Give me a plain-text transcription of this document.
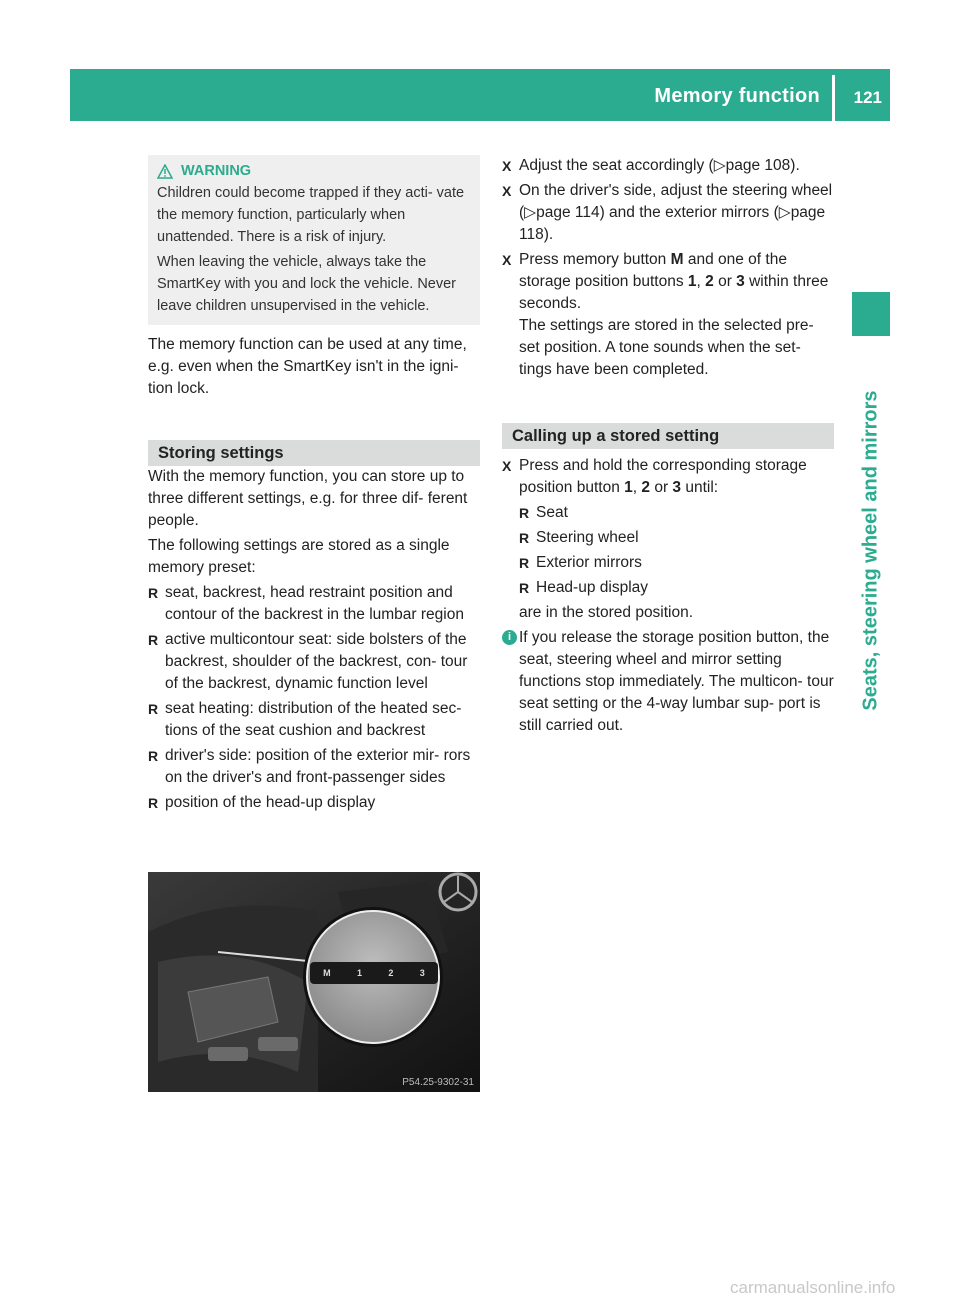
Memory function 121
Seats, steering wheel and mirrors
WARNING

Children could become trapped if they acti- vate the memory function, particularly when unattended. There is a risk of injury.

When leaving the vehicle, always take the SmartKey with you and lock the vehicle. Never leave children unsupervised in the vehicle.

The memory function can be used at any time, e.g. even when the SmartKey isn't in the igni- tion lock.

Storing settings

With the memory function, you can store up to three different settings, e.g. for three dif- ferent people.

The following settings are stored as a single memory preset:

R seat, backrest, head restraint position and contour of the backrest in the lumbar region
R active multicontour seat: side bolsters of the backrest, shoulder of the backrest, con- tour of the backrest, dynamic function level
R seat heating: distribution of the heated sec- tions of the seat cushion and backrest
R driver's side: position of the exterior mir- rors on the driver's and front-passenger sides
R position of the head-up display
M	1	2	3
P54.25-9302-31
X Adjust the seat accordingly (▷page 108).
X On the driver's side, adjust the steering wheel (▷page 114) and the exterior mirrors (▷page 118).
X Press memory button M and one of the storage position buttons 1, 2 or 3 within three seconds.
The settings are stored in the selected pre- set position. A tone sounds when the set- tings have been completed.
Calling up a stored setting
X Press and hold the corresponding storage position button 1, 2 or 3 until:
R Seat
R Steering wheel
R Exterior mirrors
R Head-up display
are in the stored position.
i If you release the storage position button, the seat, steering wheel and mirror setting functions stop immediately. The multicon- tour seat setting or the 4-way lumbar sup- port is still carried out.
carmanualsonline.info
